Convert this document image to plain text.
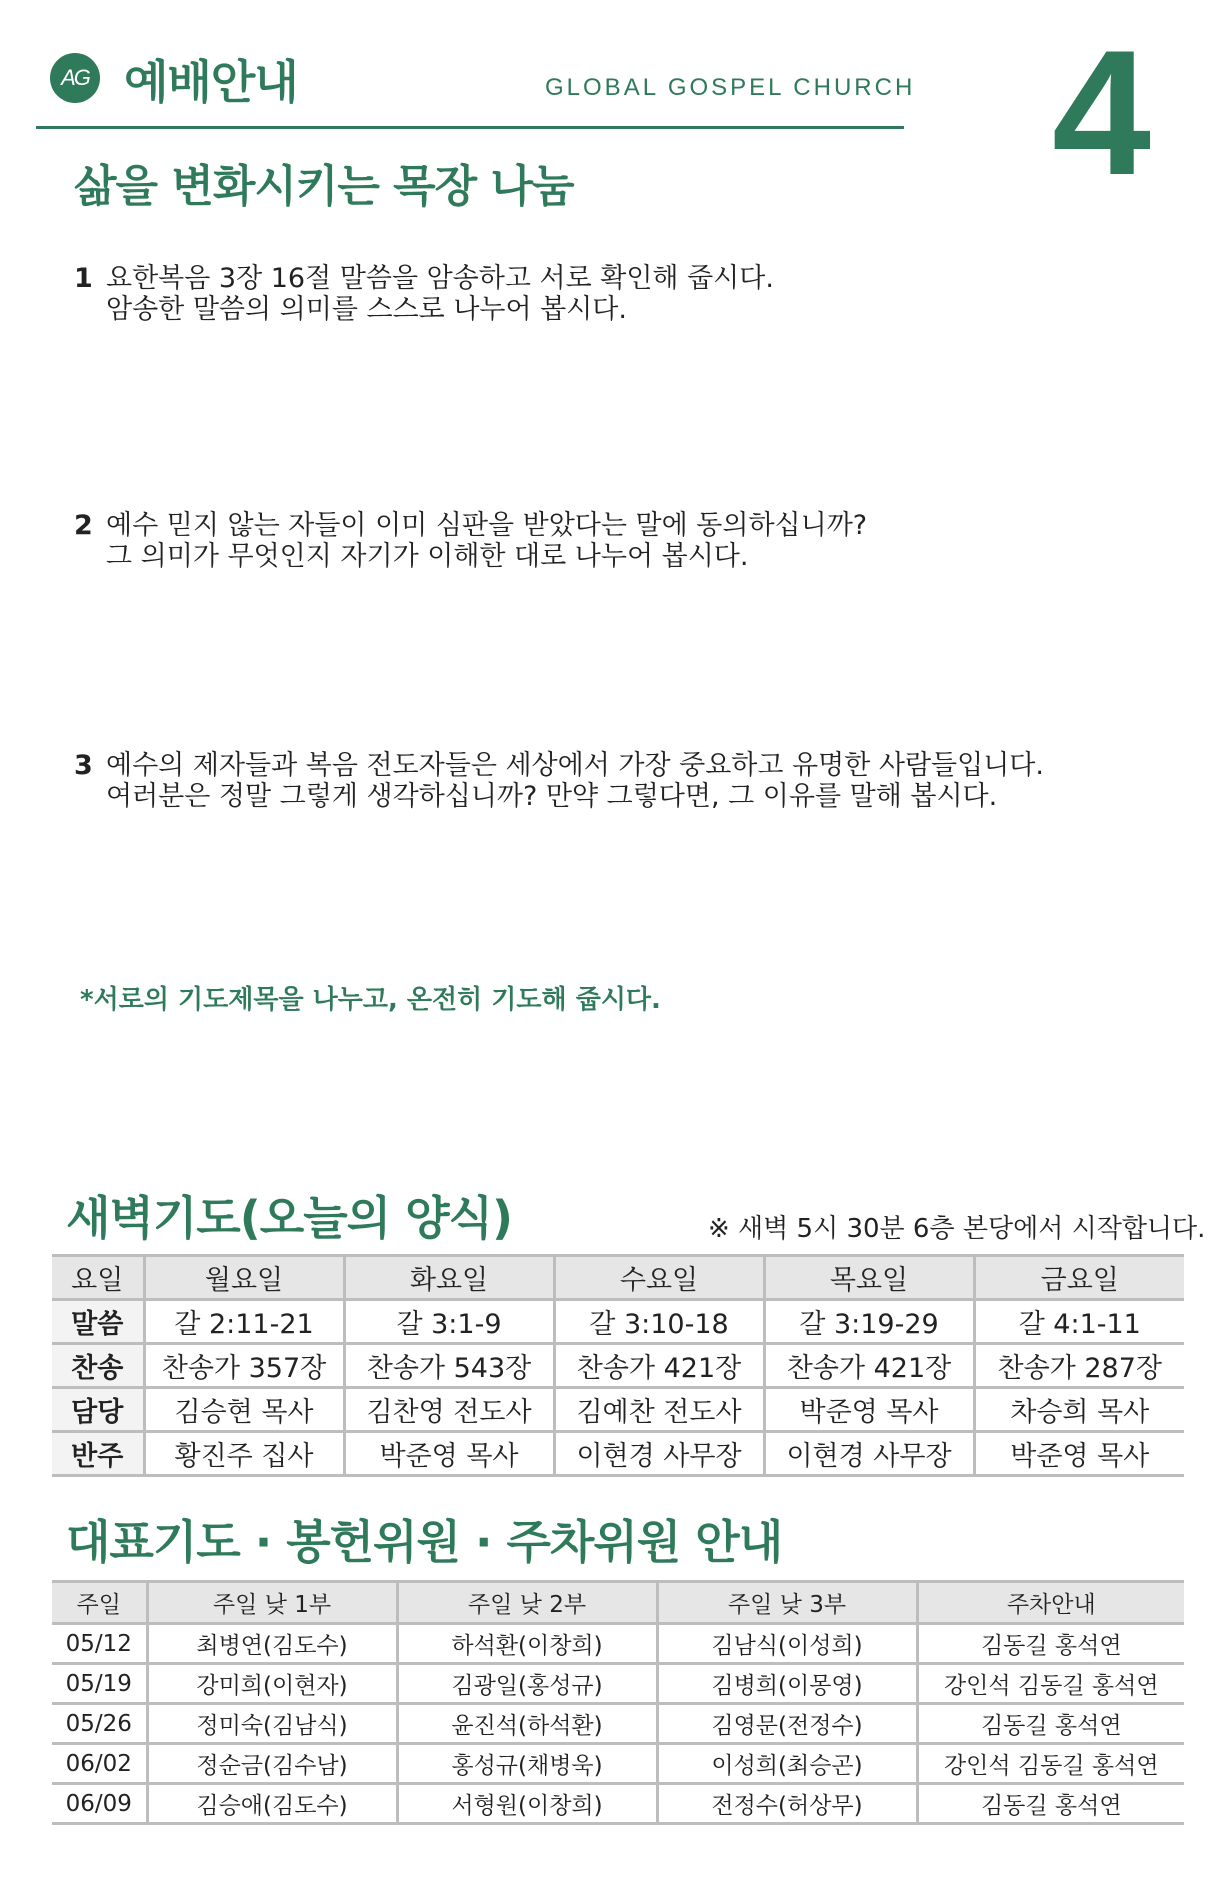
AG 예배안내	GLOBAL GOSPEL CHURCH 4
삶을 변화시키는 목장 나눔
1 요한복음 3장 16절 말씀을 암송하고 서로 확인해 줍시다.
암송한 말씀의 의미를 스스로 나누어 봅시다.
2 예수 믿지 않는 자들이 이미 심판을 받았다는 말에 동의하십니까?
그 의미가 무엇인지 자기가 이해한 대로 나누어 봅시다.
3 예수의 제자들과 복음 전도자들은 세상에서 가장 중요하고 유명한 사람들입니다.
여러분은 정말 그렇게 생각하십니까? 만약 그렇다면, 그 이유를 말해 봅시다.
*서로의 기도제목을 나누고, 온전히 기도해 줍시다.
새벽기도(오늘의 양식)	※ 새벽 5시 30분 6층 본당에서 시작합니다.
요일	월요일	화요일	수요일	목요일	금요일
말씀	갈 2:11-21	갈 3:1-9	갈 3:10-18	갈 3:19-29	갈 4:1-11
찬송	찬송가 357장	찬송가 543장	찬송가 421장	찬송가 421장	찬송가 287장
담당	김승현 목사	김찬영 전도사	김예찬 전도사	박준영 목사	차승희 목사
반주	황진주 집사	박준영 목사	이현경 사무장	이현경 사무장	박준영 목사
대표기도 · 봉헌위원 · 주차위원 안내
주일	주일 낮 1부	주일 낮 2부	주일 낮 3부	주차안내
05/12	최병연(김도수)	하석환(이창희)	김남식(이성희)	김동길 홍석연
05/19	강미희(이현자)	김광일(홍성규)	김병희(이몽영)	강인석 김동길 홍석연
05/26	정미숙(김남식)	윤진석(하석환)	김영문(전정수)	김동길 홍석연
06/02	정순금(김수남)	홍성규(채병욱)	이성희(최승곤)	강인석 김동길 홍석연
06/09	김승애(김도수)	서형원(이창희)	전정수(허상무)	김동길 홍석연
